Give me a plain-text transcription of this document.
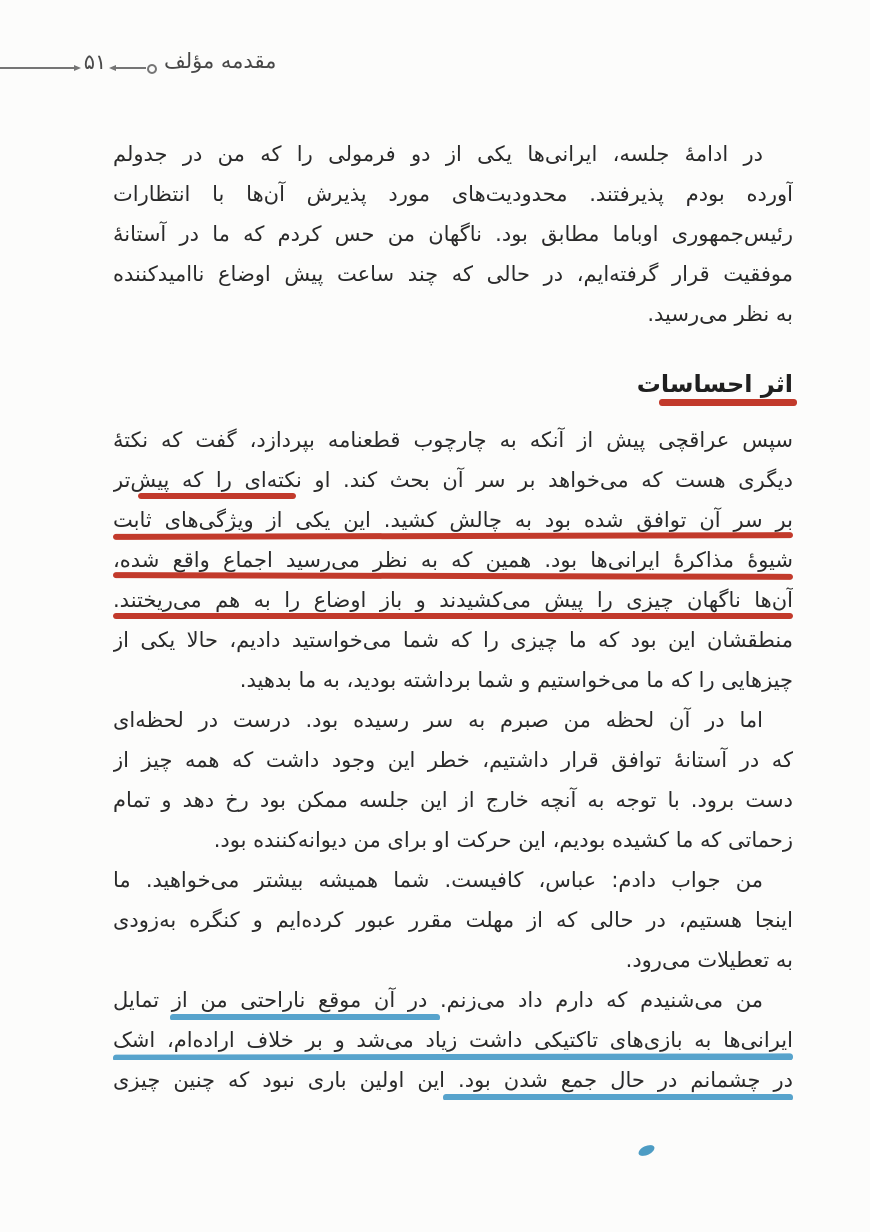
۵۱	مقدمه مؤلف
در ادامهٔ جلسه، ایرانی‌ها یکی از دو فرمولی را که من در جدولم
آورده بودم پذیرفتند. محدودیت‌های مورد پذیرش آن‌ها با انتظارات
رئیس‌جمهوری اوباما مطابق بود. ناگهان من حس کردم که ما در آستانهٔ
موفقیت قرار گرفته‌ایم، در حالی که چند ساعت پیش اوضاع ناامیدکننده
به نظر می‌رسید.
اثر احساسات
سپس عراقچی پیش از آنکه به چارچوب قطعنامه بپردازد، گفت که نکتهٔ
دیگری هست که می‌خواهد بر سر آن بحث کند. او نکته‌ای را که پیش‌تر
بر سر آن توافق شده بود به چالش کشید. این یکی از ویژگی‌های ثابت
شیوهٔ مذاکرهٔ ایرانی‌ها بود. همین که به نظر می‌رسید اجماع واقع شده،
آن‌ها ناگهان چیزی را پیش می‌کشیدند و باز اوضاع را به هم می‌ریختند.
منطقشان این بود که ما چیزی را که شما می‌خواستید دادیم، حالا یکی از
چیزهایی را که ما می‌خواستیم و شما برداشته بودید، به ما بدهید.
اما در آن لحظه من صبرم به سر رسیده بود. درست در لحظه‌ای
که در آستانهٔ توافق قرار داشتیم، خطر این وجود داشت که همه چیز از
دست برود. با توجه به آنچه خارج از این جلسه ممکن بود رخ دهد و تمام
زحماتی که ما کشیده بودیم، این حرکت او برای من دیوانه‌کننده بود.
من جواب دادم: عباس، کافیست. شما همیشه بیشتر می‌خواهید. ما
اینجا هستیم، در حالی که از مهلت مقرر عبور کرده‌ایم و کنگره به‌زودی
به تعطیلات می‌رود.
من می‌شنیدم که دارم داد می‌زنم. در آن موقع ناراحتی من از تمایل
ایرانی‌ها به بازی‌های تاکتیکی داشت زیاد می‌شد و بر خلاف اراده‌ام، اشک
در چشمانم در حال جمع شدن بود. این اولین باری نبود که چنین چیزی
